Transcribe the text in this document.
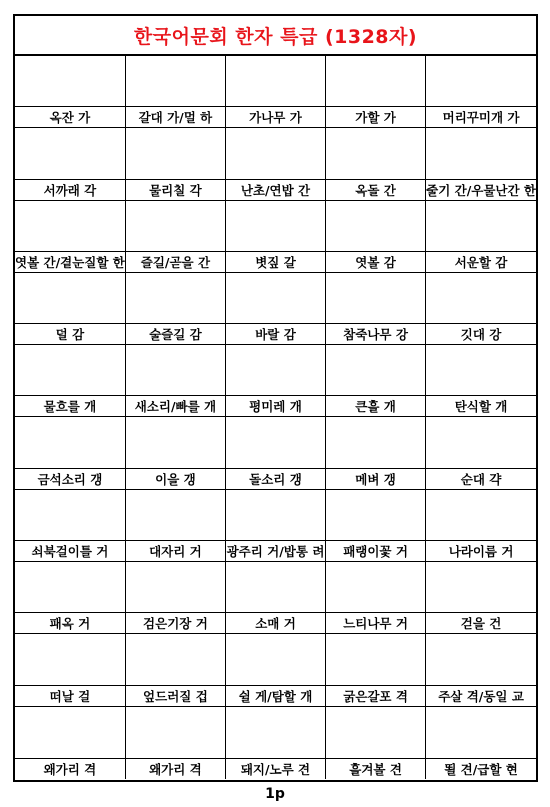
한국어문회 한자 특급 (1328자)
옥잔 가	갈대 가/멀 하	가나무 가	가할 가	머리꾸미개 가
서까래 각	물리칠 각	난초/연밥 간	옥돌 간	줄기 간/우물난간 한
엿볼 간/곁눈질할 한	즐길/곧을 간	볏짚 갈	엿볼 감	서운할 감
덜 감	술즐길 감	바랄 감	참죽나무 강	깃대 강
물흐를 개	새소리/빠를 개	평미레 개	큰흘 개	탄식할 개
금석소리 갱	이을 갱	돌소리 갱	메벼 갱	순대 갹
쇠북걸이틀 거	대자리 거	광주리 거/밥통 려	패랭이꽃 거	나라이름 거
패옥 거	검은기장 거	소매 거	느티나무 거	걷을 건
떠날 걸	엎드러질 겁	쉴 게/탐할 개	굵은갈포 격	주살 격/동일 교
왜가리 격	왜가리 격	돼지/노루 견	흘겨볼 견	뙬 견/급할 현
1p
